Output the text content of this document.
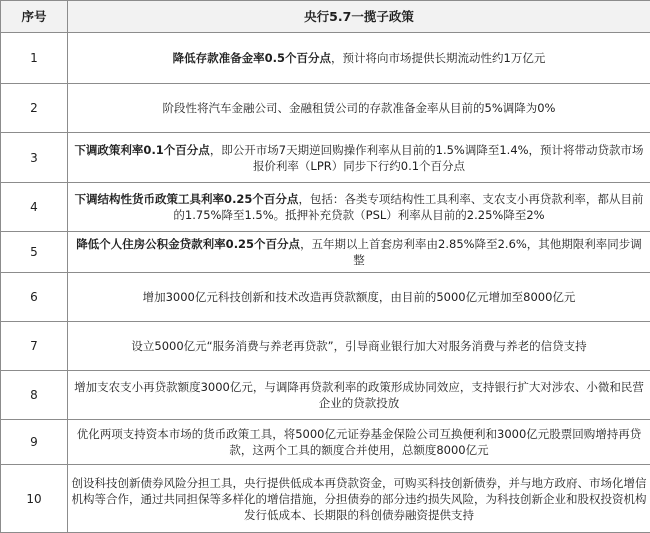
序号	央行5.7一揽子政策
1	降低存款准备金率0.5个百分点，预计将向市场提供长期流动性约1万亿元
2	阶段性将汽车金融公司、金融租赁公司的存款准备金率从目前的5%调降为0%
3	下调政策利率0.1个百分点，即公开市场7天期逆回购操作利率从目前的1.5%调降至1.4%，预计将带动贷款市场报价利率（LPR）同步下行约0.1个百分点
4	下调结构性货币政策工具利率0.25个百分点，包括：各类专项结构性工具利率、支农支小再贷款利率，都从目前的1.75%降至1.5%。抵押补充贷款（PSL）利率从目前的2.25%降至2%
5	降低个人住房公积金贷款利率0.25个百分点，五年期以上首套房利率由2.85%降至2.6%，其他期限利率同步调整
6	增加3000亿元科技创新和技术改造再贷款额度，由目前的5000亿元增加至8000亿元
7	设立5000亿元“服务消费与养老再贷款”，引导商业银行加大对服务消费与养老的信贷支持
8	增加支农支小再贷款额度3000亿元，与调降再贷款利率的政策形成协同效应，支持银行扩大对涉农、小微和民营企业的贷款投放
9	优化两项支持资本市场的货币政策工具，将5000亿元证券基金保险公司互换便利和3000亿元股票回购增持再贷款，这两个工具的额度合并使用，总额度8000亿元
10	创设科技创新债券风险分担工具，央行提供低成本再贷款资金，可购买科技创新债券，并与地方政府、市场化增信机构等合作，通过共同担保等多样化的增信措施，分担债券的部分违约损失风险，为科技创新企业和股权投资机构发行低成本、长期限的科创债券融资提供支持
